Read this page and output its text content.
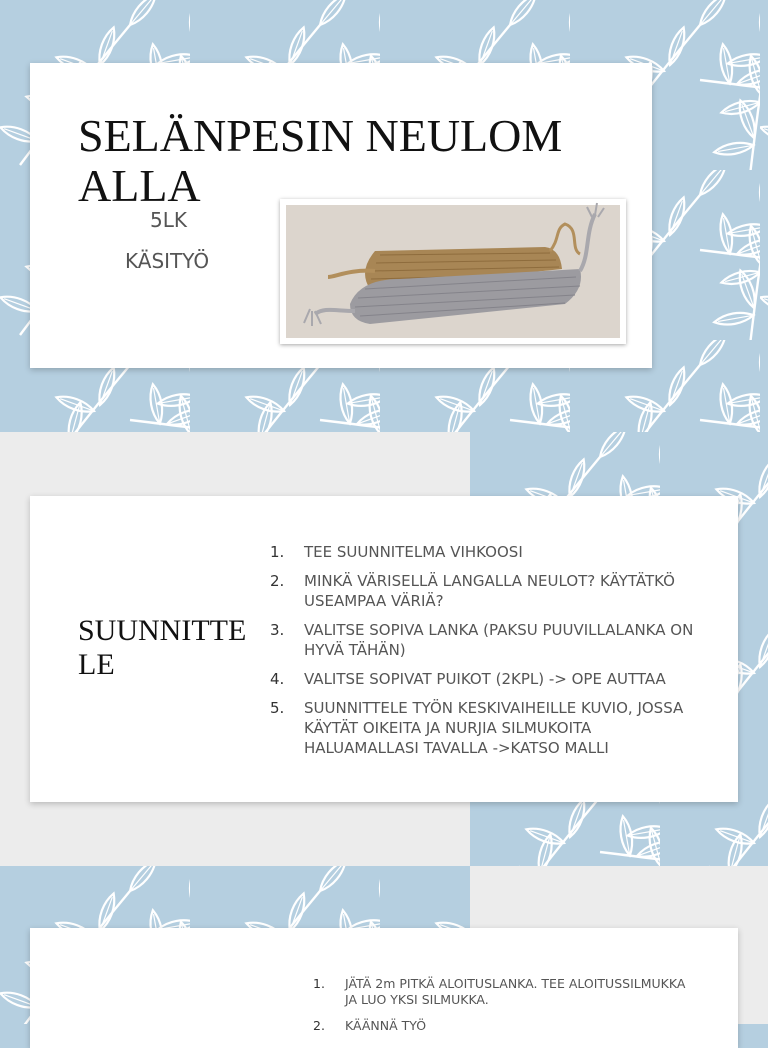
SELÄNPESIN NEULOM
ALLA
5LK
KÄSITYÖ
SUUNNITTE
LE
1.	TEE SUUNNITELMA VIHKOOSI
2.	MINKÄ VÄRISELLÄ LANGALLA NEULOT? KÄYTÄTKÖ
USEAMPAA VÄRIÄ?
3.	VALITSE SOPIVA LANKA (PAKSU PUUVILLALANKA ON
HYVÄ TÄHÄN)
4.	VALITSE SOPIVAT PUIKOT (2KPL) -> OPE AUTTAA
5.	SUUNNITTELE TYÖN KESKIVAIHEILLE KUVIO, JOSSA
KÄYTÄT OIKEITA JA NURJIA SILMUKOITA
HALUAMALLASI TAVALLA ->KATSO MALLI
1.	JÄTÄ 2m PITKÄ ALOITUSLANKA. TEE ALOITUSSILMUKKA
JA LUO YKSI SILMUKKA.
2.	KÄÄNNÄ TYÖ
